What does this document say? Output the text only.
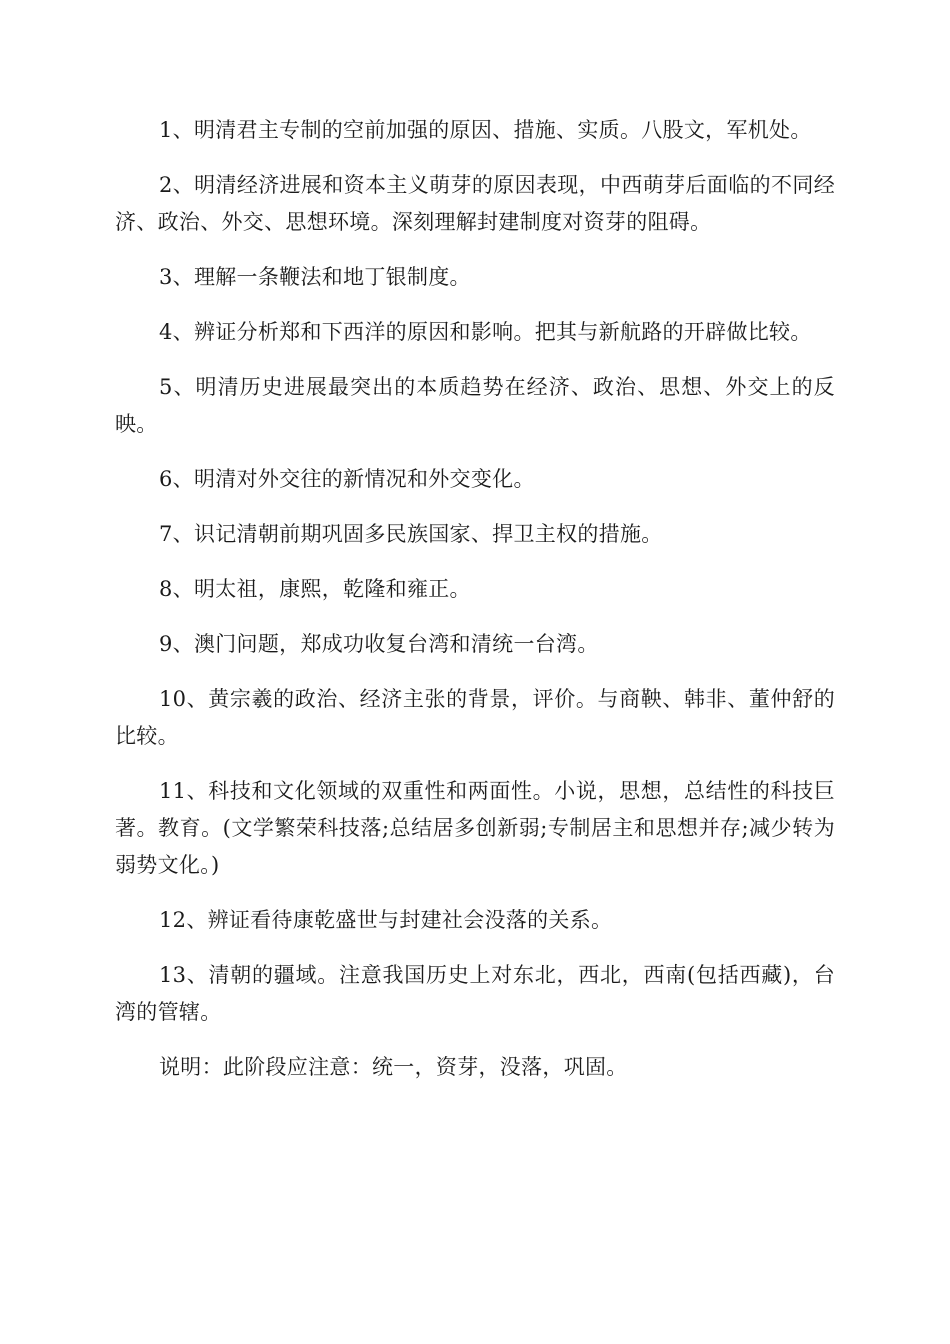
1、明清君主专制的空前加强的原因、措施、实质。八股文，军机处。

2、明清经济进展和资本主义萌芽的原因表现，中西萌芽后面临的不同经济、政治、外交、思想环境。深刻理解封建制度对资芽的阻碍。

3、理解一条鞭法和地丁银制度。

4、辨证分析郑和下西洋的原因和影响。把其与新航路的开辟做比较。

5、明清历史进展最突出的本质趋势在经济、政治、思想、外交上的反映。

6、明清对外交往的新情况和外交变化。

7、识记清朝前期巩固多民族国家、捍卫主权的措施。

8、明太祖，康熙，乾隆和雍正。

9、澳门问题，郑成功收复台湾和清统一台湾。

10、黄宗羲的政治、经济主张的背景，评价。与商鞅、韩非、董仲舒的比较。

11、科技和文化领域的双重性和两面性。小说，思想，总结性的科技巨著。教育。(文学繁荣科技落;总结居多创新弱;专制居主和思想并存;减少转为弱势文化。)

12、辨证看待康乾盛世与封建社会没落的关系。

13、清朝的疆域。注意我国历史上对东北，西北，西南(包括西藏)，台湾的管辖。

说明：此阶段应注意：统一，资芽，没落，巩固。
